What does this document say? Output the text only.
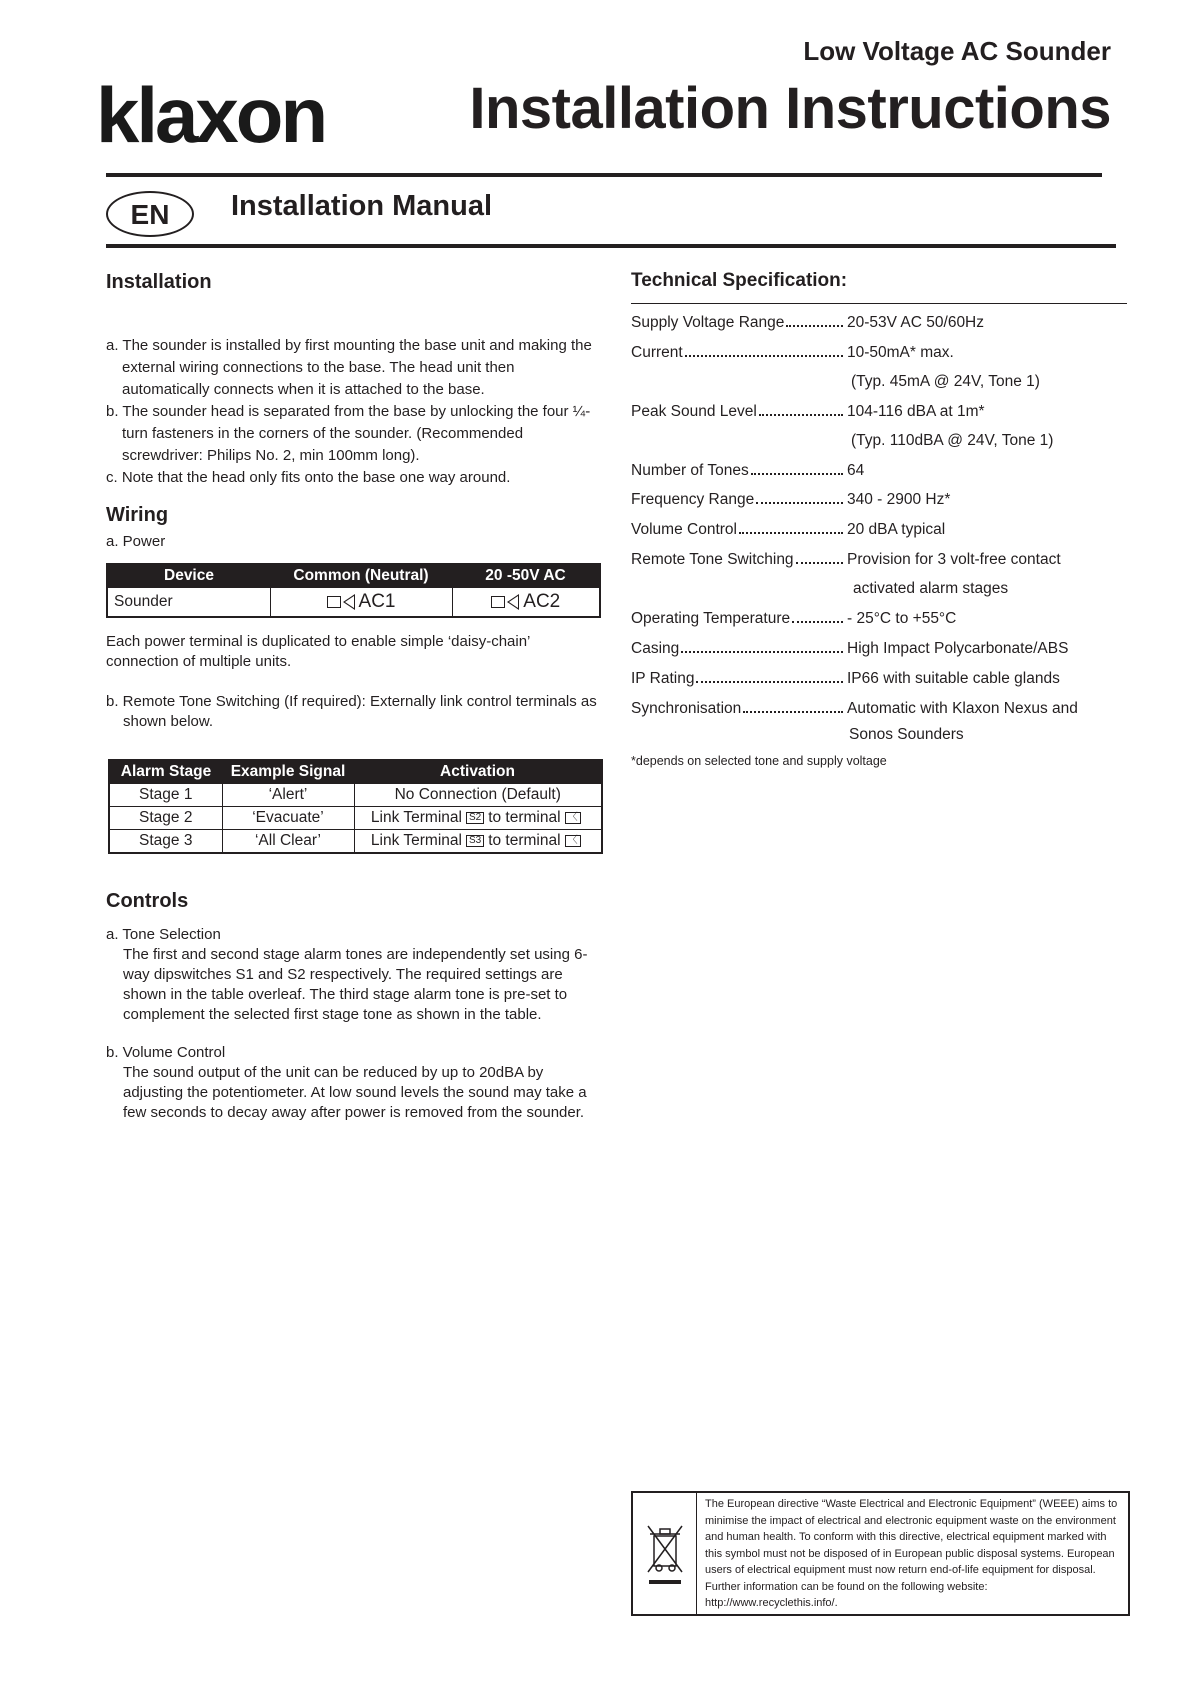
klaxon
Low Voltage AC Sounder
Installation Instructions
EN	Installation Manual
Installation
a. The sounder is installed by first mounting the base unit and making the external wiring connections to the base. The head unit then automatically connects when it is attached to the base.
b. The sounder head is separated from the base by unlocking the four ¼-turn fasteners in the corners of the sounder. (Recommended screwdriver: Philips No. 2, min 100mm long).
c. Note that the head only fits onto the base one way around.
Wiring
a. Power
Device	Common (Neutral)	20 -50V AC
Sounder	AC1	AC2
Each power terminal is duplicated to enable simple ‘daisy-chain’ connection of multiple units.
b. Remote Tone Switching (If required): Externally link control terminals as shown below.
Alarm Stage	Example Signal	Activation
Stage 1	‘Alert’	No Connection (Default)
Stage 2	‘Evacuate’	Link Terminal S2 to terminal 〈
Stage 3	‘All Clear’	Link Terminal S3 to terminal 〈
Controls
a. Tone Selection
The first and second stage alarm tones are independently set using 6-way dipswitches S1 and S2 respectively. The required settings are shown in the table overleaf. The third stage alarm tone is pre-set to complement the selected first stage tone as shown in the table.
b. Volume Control
The sound output of the unit can be reduced by up to 20dBA by adjusting the potentiometer. At low sound levels the sound may take a few seconds to decay away after power is removed from the sounder.
Technical Specification:
Supply Voltage Range	20-53V AC 50/60Hz
Current	10-50mA* max.
(Typ. 45mA @ 24V, Tone 1)
Peak Sound Level	104-116 dBA at 1m*
(Typ. 110dBA @ 24V, Tone 1)
Number of Tones	64
Frequency Range	340 - 2900 Hz*
Volume Control	20 dBA typical
Remote Tone Switching	Provision for 3 volt-free contact
activated alarm stages
Operating Temperature	- 25°C to +55°C
Casing	High Impact Polycarbonate/ABS
IP Rating	IP66 with suitable cable glands
Synchronisation	Automatic with Klaxon Nexus and
Sonos Sounders
*depends on selected tone and supply voltage
The European directive “Waste Electrical and Electronic Equipment” (WEEE) aims to minimise the impact of electrical and electronic equipment waste on the environment and human health. To conform with this directive, electrical equipment marked with this symbol must not be disposed of in European public disposal systems. European users of electrical equipment must now return end-of-life equipment for disposal. Further information can be found on the following website: http://www.recyclethis.info/.
